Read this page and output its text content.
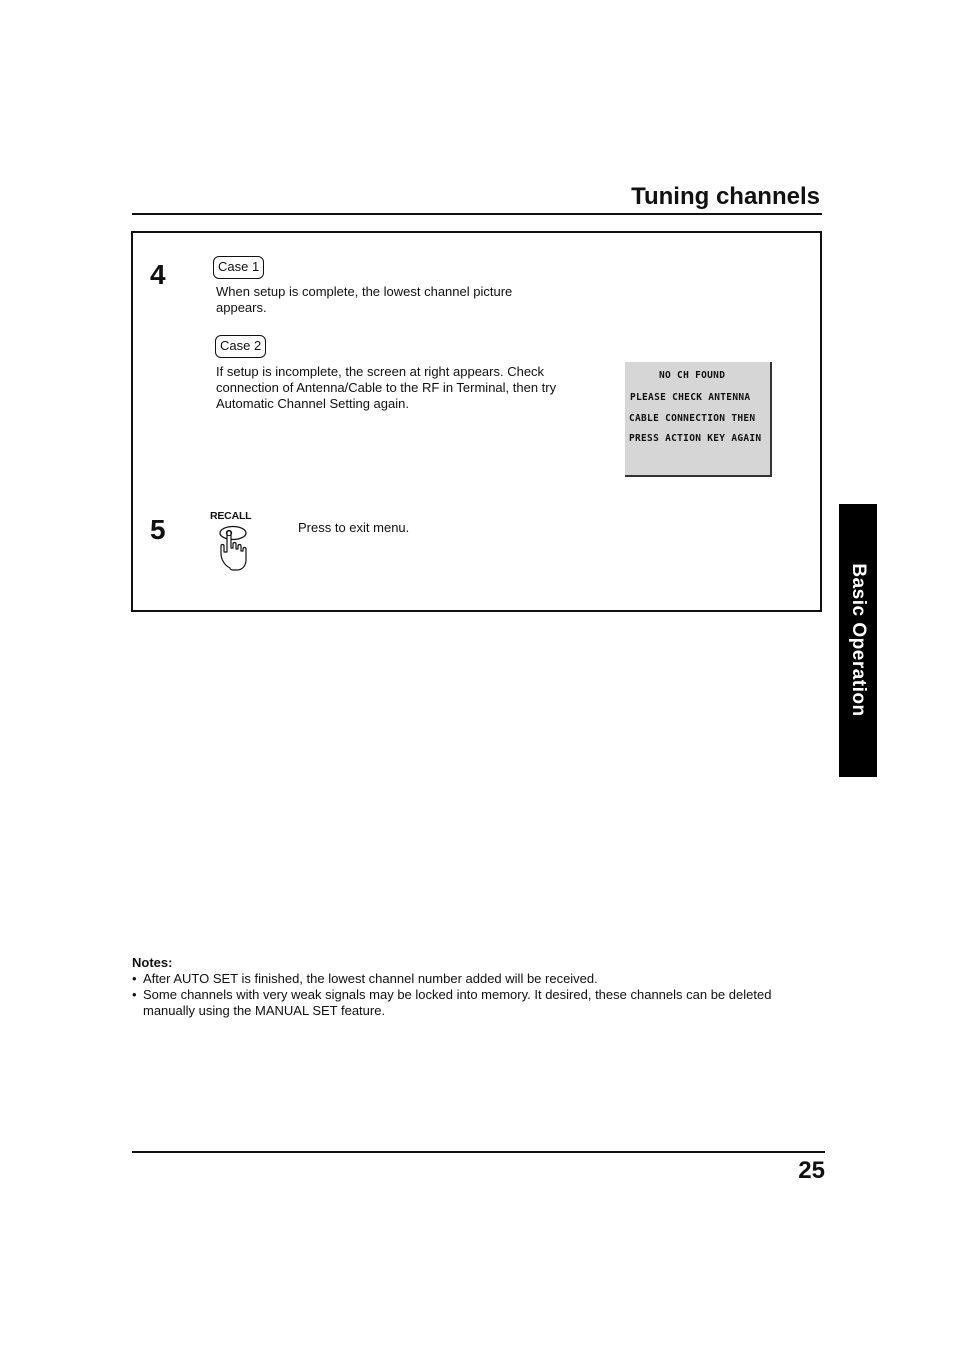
Tuning channels
4	Case 1
When setup is complete, the lowest channel picture
appears.
Case 2
If setup is incomplete, the screen at right appears. Check
connection of Antenna/Cable to the RF in Terminal, then try
Automatic Channel Setting again.
NO CH FOUND
PLEASE CHECK ANTENNA
CABLE CONNECTION THEN
PRESS ACTION KEY AGAIN
5	RECALL
Press to exit menu.
Basic Operation
Notes:
• After AUTO SET is finished, the lowest channel number added will be received.
• Some channels with very weak signals may be locked into memory. It desired, these channels can be deleted
manually using the MANUAL SET feature.
25
